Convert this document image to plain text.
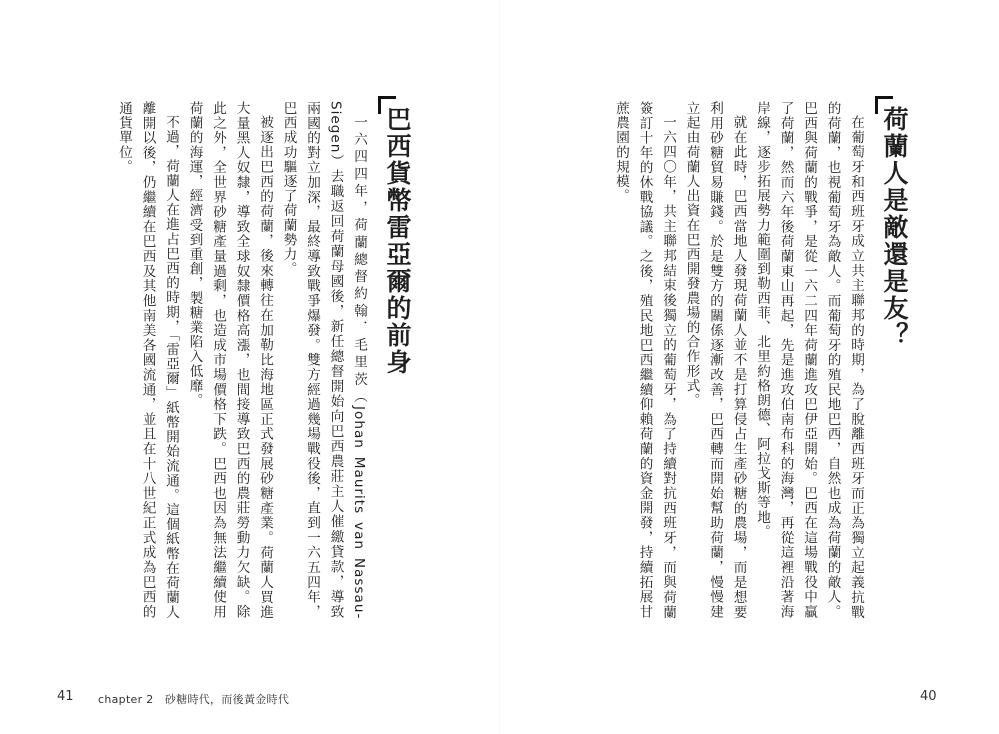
荷蘭人是敵還是友？

在葡萄牙和西班牙成立共主聯邦的時期，為了脫離西班牙而正為獨立起義抗戰的荷蘭，也視葡萄牙為敵人。而葡萄牙的殖民地巴西，自然也成為荷蘭的敵人。巴西與荷蘭的戰爭，是從一六二四年荷蘭進攻巴伊亞開始。巴西在這場戰役中贏了荷蘭，然而六年後荷蘭東山再起，先是進攻伯南布科的海灣，再從這裡沿著海岸線，逐步拓展勢力範圍到勒西菲、北里約格朗德、阿拉戈斯等地。

就在此時，巴西當地人發現荷蘭人並不是打算侵占生產砂糖的農場，而是想要利用砂糖貿易賺錢。於是雙方的關係逐漸改善，巴西轉而開始幫助荷蘭，慢慢建立起由荷蘭人出資在巴西開發農場的合作形式。

一六四〇年，共主聯邦結束後獨立的葡萄牙，為了持續對抗西班牙，而與荷蘭簽訂十年的休戰協議。之後，殖民地巴西繼續仰賴荷蘭的資金開發，持續拓展甘蔗農園的規模。

40
巴西貨幣雷亞爾的前身

一六四四年，荷蘭總督約翰．毛里茨（Johan Maurits van Nassau-Siegen）去職返回荷蘭母國後，新任總督開始向巴西農莊主人催繳貸款，導致兩國的對立加深，最終導致戰爭爆發。雙方經過幾場戰役後，直到一六五四年，巴西成功驅逐了荷蘭勢力。

被逐出巴西的荷蘭，後來轉往在加勒比海地區正式發展砂糖產業。荷蘭人買進大量黑人奴隸，導致全球奴隸價格高漲，也間接導致巴西的農莊勞動力欠缺。除此之外，全世界砂糖產量過剩，也造成市場價格下跌。巴西也因為無法繼續使用荷蘭的海運，經濟受到重創，製糖業陷入低靡。

不過，荷蘭人在進占巴西的時期，「雷亞爾」紙幣開始流通。這個紙幣在荷蘭人離開以後，仍繼續在巴西及其他南美各國流通，並且在十八世紀正式成為巴西的通貨單位。

41 chapter 2　砂糖時代，而後黃金時代
